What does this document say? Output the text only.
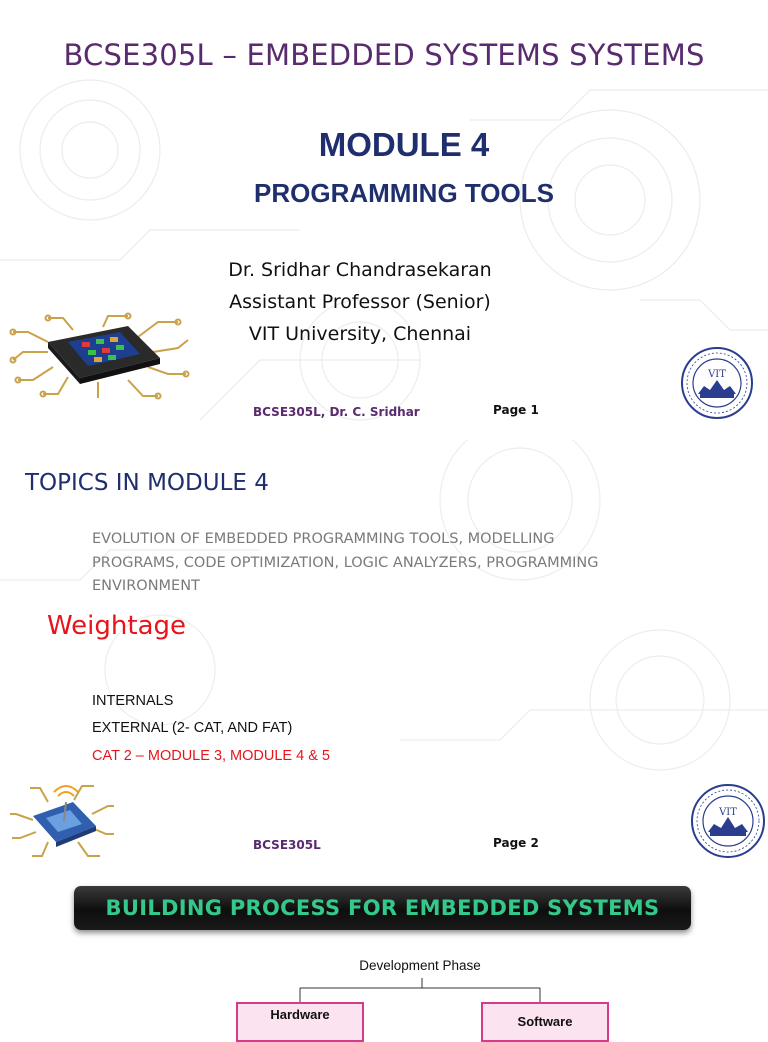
BCSE305L – EMBEDDED SYSTEMS SYSTEMS
MODULE 4
PROGRAMMING TOOLS
Dr. Sridhar Chandrasekaran
Assistant Professor (Senior)
VIT University, Chennai
BCSE305L, Dr. C. Sridhar	Page 1
VIT
TOPICS IN MODULE 4
EVOLUTION OF EMBEDDED PROGRAMMING TOOLS, MODELLING
PROGRAMS, CODE OPTIMIZATION, LOGIC ANALYZERS, PROGRAMMING
ENVIRONMENT
Weightage
INTERNALS
EXTERNAL (2- CAT, AND FAT)
CAT 2 – MODULE 3, MODULE 4 & 5
BCSE305L	Page 2
VIT
BUILDING PROCESS FOR EMBEDDED SYSTEMS
Development Phase
Hardware	Software
